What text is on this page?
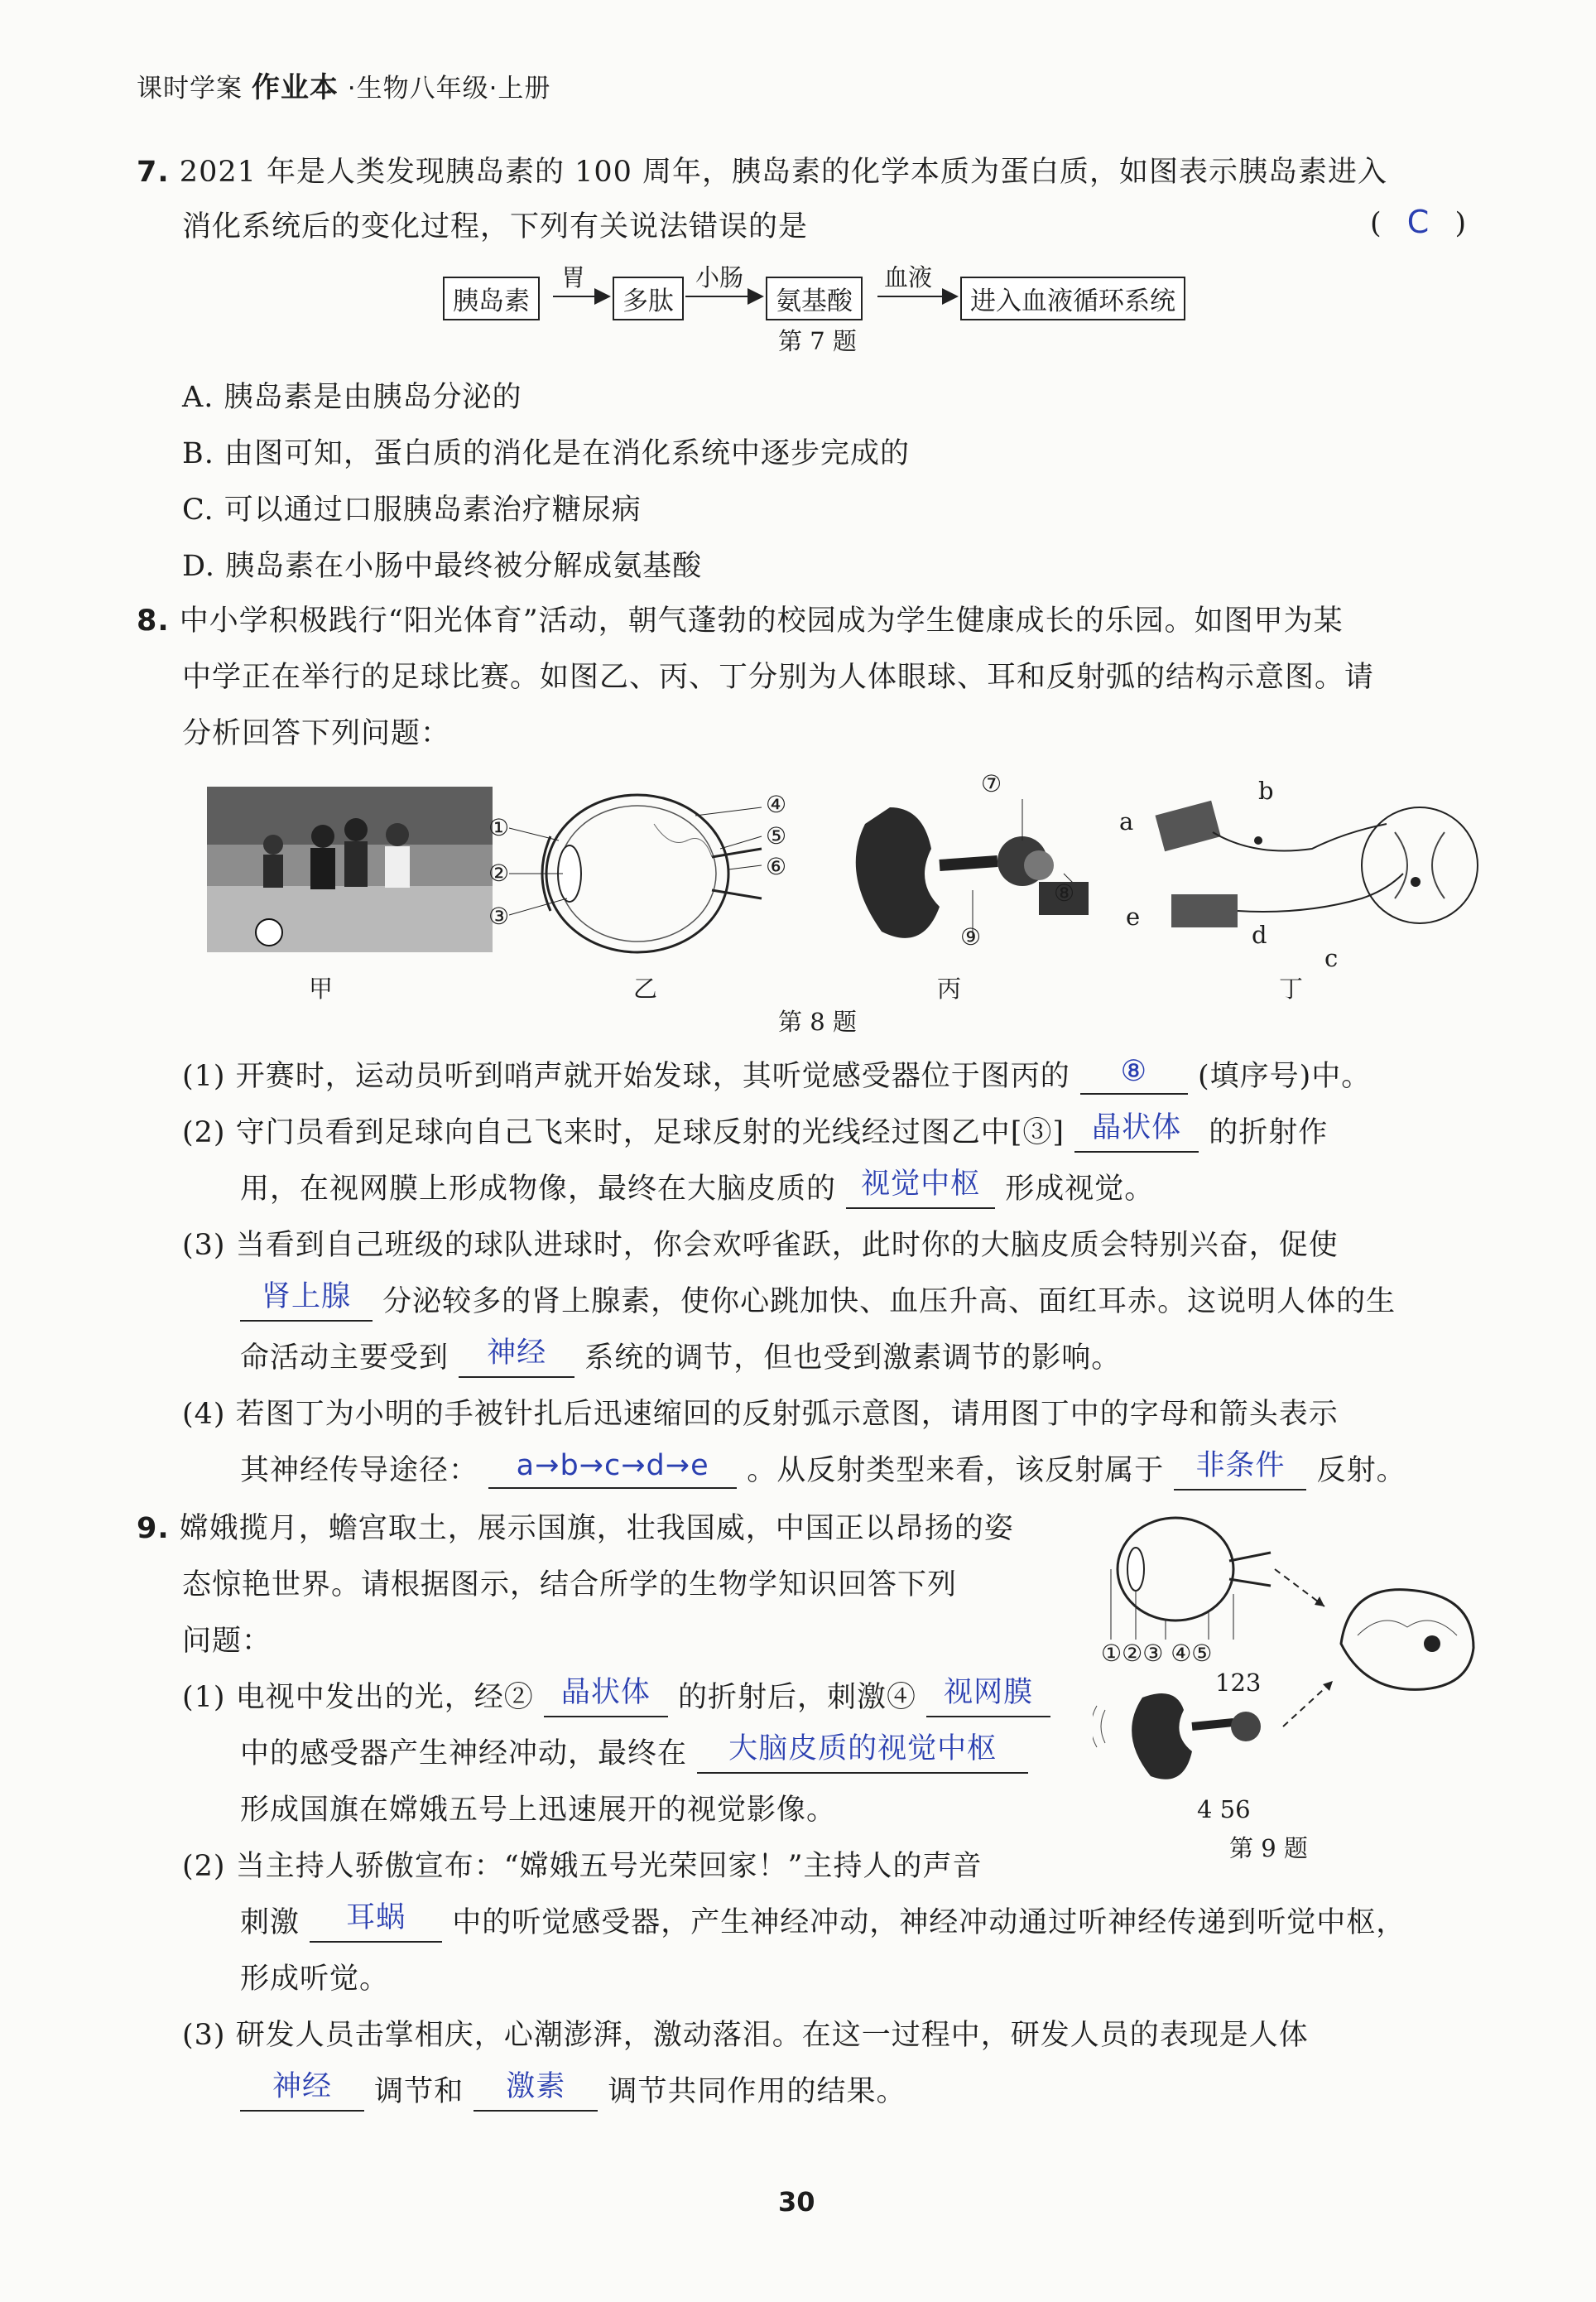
课时学案 作业本 ·生物八年级·上册
7. 2021 年是人类发现胰岛素的 100 周年，胰岛素的化学本质为蛋白质，如图表示胰岛素进入
消化系统后的变化过程，下列有关说法错误的是	( C )
胰岛素	多肽	氨基酸	进入血液循环系统
胃	小肠	血液
第 7 题
A. 胰岛素是由胰岛分泌的
B. 由图可知，蛋白质的消化是在消化系统中逐步完成的
C. 可以通过口服胰岛素治疗糖尿病
D. 胰岛素在小肠中最终被分解成氨基酸
8. 中小学积极践行“阳光体育”活动，朝气蓬勃的校园成为学生健康成长的乐园。如图甲为某
中学正在举行的足球比赛。如图乙、丙、丁分别为人体眼球、耳和反射弧的结构示意图。请
分析回答下列问题：
甲
①
②
③
④
⑤
⑥
乙
⑦
⑧
⑨
丙
a
b
c
d
e
丁
第 8 题
(1) 开赛时，运动员听到哨声就开始发球，其听觉感受器位于图丙的 ⑧ (填序号)中。
(2) 守门员看到足球向自己飞来时，足球反射的光线经过图乙中[③] 晶状体 的折射作
用，在视网膜上形成物像，最终在大脑皮质的 视觉中枢 形成视觉。
(3) 当看到自己班级的球队进球时，你会欢呼雀跃，此时你的大脑皮质会特别兴奋，促使
肾上腺 分泌较多的肾上腺素，使你心跳加快、血压升高、面红耳赤。这说明人体的生
命活动主要受到 神经 系统的调节，但也受到激素调节的影响。
(4) 若图丁为小明的手被针扎后迅速缩回的反射弧示意图，请用图丁中的字母和箭头表示
其神经传导途径： a→b→c→d→e 。从反射类型来看，该反射属于 非条件 反射。
9. 嫦娥揽月，蟾宫取土，展示国旗，壮我国威，中国正以昂扬的姿
态惊艳世界。请根据图示，结合所学的生物学知识回答下列
问题：
(1) 电视中发出的光，经② 晶状体 的折射后，刺激④ 视网膜
中的感受器产生神经冲动，最终在 大脑皮质的视觉中枢
形成国旗在嫦娥五号上迅速展开的视觉影像。
(2) 当主持人骄傲宣布：“嫦娥五号光荣回家！”主持人的声音
刺激 耳蜗 中的听觉感受器，产生神经冲动，神经冲动通过听神经传递到听觉中枢，
形成听觉。
(3) 研发人员击掌相庆，心潮澎湃，激动落泪。在这一过程中，研发人员的表现是人体
神经 调节和 激素 调节共同作用的结果。
①②③ ④⑤
123
4 56
第 9 题
30
